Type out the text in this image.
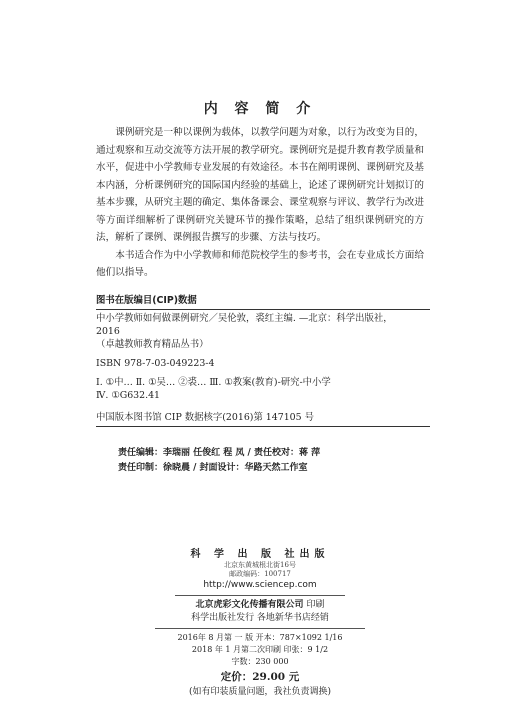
内 容 简 介

课例研究是一种以课例为载体，以教学问题为对象，以行为改变为目的，通过观察和互动交流等方法开展的教学研究。课例研究是提升教育教学质量和水平，促进中小学教师专业发展的有效途径。本书在阐明课例、课例研究及基本内涵，分析课例研究的国际国内经验的基础上，论述了课例研究计划拟订的基本步骤，从研究主题的确定、集体备课会、课堂观察与评议、教学行为改进等方面详细解析了课例研究关键环节的操作策略，总结了组织课例研究的方法，解析了课例、课例报告撰写的步骤、方法与技巧。

本书适合作为中小学教师和师范院校学生的参考书，会在专业成长方面给他们以指导。

图书在版编目(CIP)数据
中小学教师如何做课例研究／吴伦敦，裘红主编. —北京：科学出版社，
2016
（卓越教师教育精品丛书）
ISBN 978-7-03-049223-4
Ⅰ. ①中… Ⅱ. ①吴… ②裘… Ⅲ. ①教案(教育)-研究-中小学
Ⅳ. ①G632.41
中国版本图书馆 CIP 数据核字(2016)第 147105 号
责任编辑：李瑞丽 任俊红 程 凤 / 责任校对：蒋 萍
责任印制：徐晓晨 / 封面设计：华路天然工作室
科 学 出 版 社出版
北京东黄城根北街16号
邮政编码：100717
http://www.sciencep.com
北京虎彩文化传播有限公司 印刷
科学出版社发行 各地新华书店经销
2016年 8 月第 一 版 开本：787×1092 1/16
2018 年 1 月第二次印刷 印张：9 1/2
字数：230 000
定价：29.00 元
(如有印装质量问题，我社负责调换)
